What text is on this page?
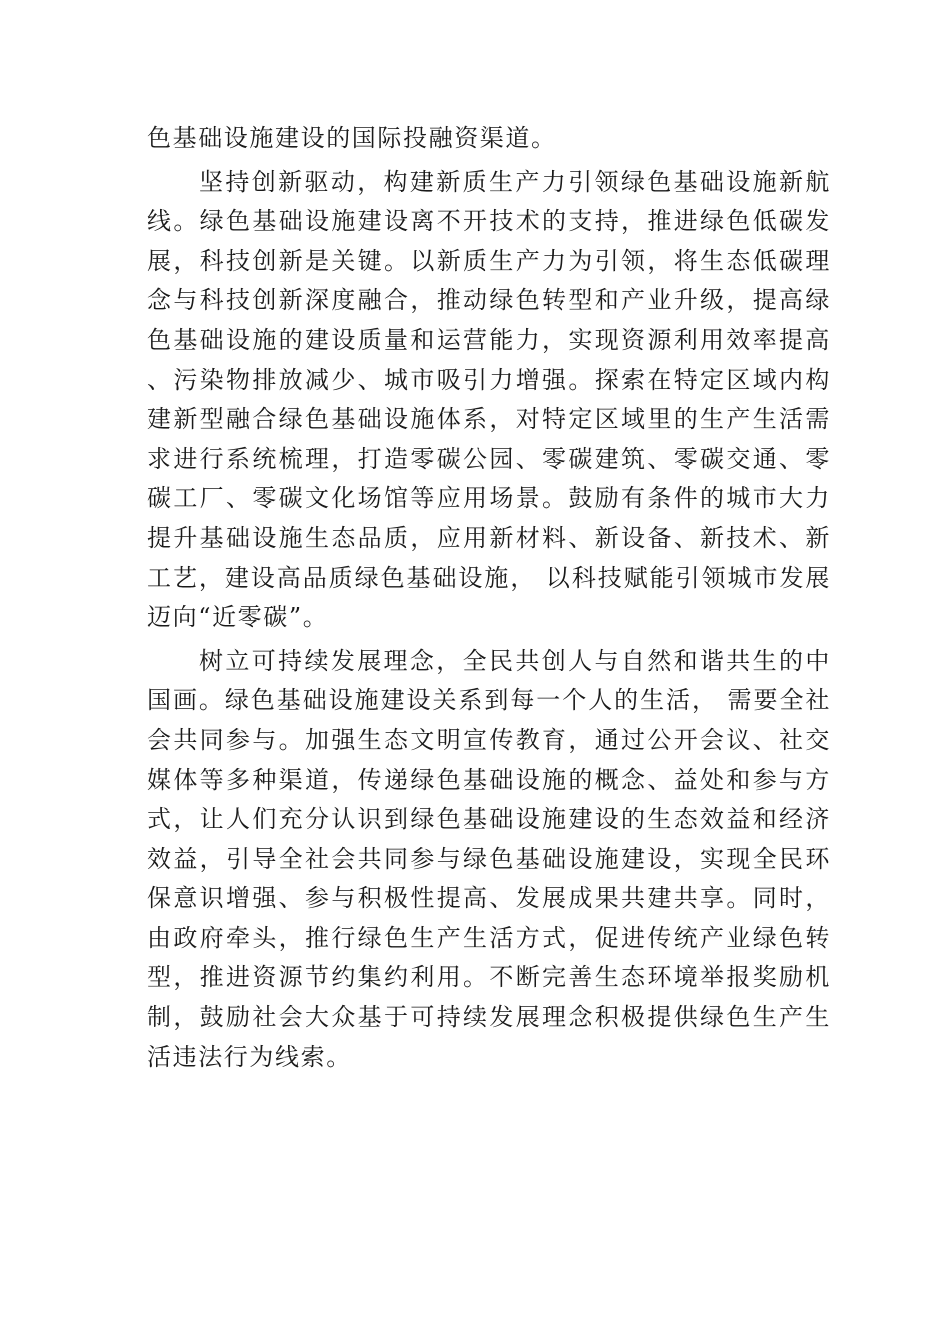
色基础设施建设的国际投融资渠道。

坚持创新驱动，构建新质生产力引领绿色基础设施新航线。绿色基础设施建设离不开技术的支持，推进绿色低碳发展，科技创新是关键。以新质生产力为引领，将生态低碳理念与科技创新深度融合，推动绿色转型和产业升级，提高绿色基础设施的建设质量和运营能力，实现资源利用效率提高、污染物排放减少、城市吸引力增强。探索在特定区域内构建新型融合绿色基础设施体系，对特定区域里的生产生活需求进行系统梳理，打造零碳公园、零碳建筑、零碳交通、零碳工厂、零碳文化场馆等应用场景。鼓励有条件的城市大力提升基础设施生态品质，应用新材料、新设备、新技术、新工艺，建设高品质绿色基础设施， 以科技赋能引领城市发展迈向“近零碳”。

树立可持续发展理念，全民共创人与自然和谐共生的中国画。绿色基础设施建设关系到每一个人的生活， 需要全社会共同参与。加强生态文明宣传教育，通过公开会议、社交媒体等多种渠道，传递绿色基础设施的概念、益处和参与方式，让人们充分认识到绿色基础设施建设的生态效益和经济效益，引导全社会共同参与绿色基础设施建设，实现全民环保意识增强、参与积极性提高、发展成果共建共享。同时，由政府牵头，推行绿色生产生活方式，促进传统产业绿色转型，推进资源节约集约利用。不断完善生态环境举报奖励机制，鼓励社会大众基于可持续发展理念积极提供绿色生产生活违法行为线索。
